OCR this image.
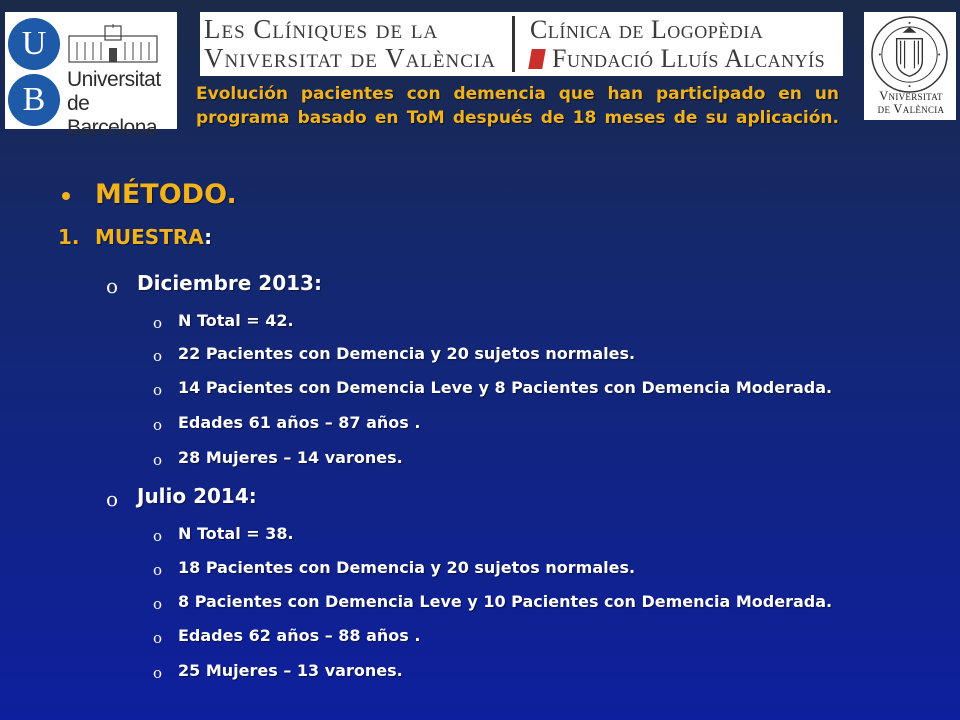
U
B
Universitat
de Barcelona
Les Clíniques de la
Vniversitat de València
Clínica de Logopèdia
Fundació Lluís Alcanyís
Vniversitat
de València
Evolución pacientes con demencia que han participado en un programa basado en ToM después de 18 meses de su aplicación.
MÉTODO.
1. MUESTRA:
o Diciembre 2013:
o N Total = 42.
o 22 Pacientes con Demencia y 20 sujetos normales.
o 14 Pacientes con Demencia Leve y 8 Pacientes con Demencia Moderada.
o Edades 61 años – 87 años .
o 28 Mujeres – 14 varones.
o Julio 2014:
o N Total = 38.
o 18 Pacientes con Demencia y 20 sujetos normales.
o 8 Pacientes con Demencia Leve y 10 Pacientes con Demencia Moderada.
o Edades 62 años – 88 años .
o 25 Mujeres – 13 varones.
